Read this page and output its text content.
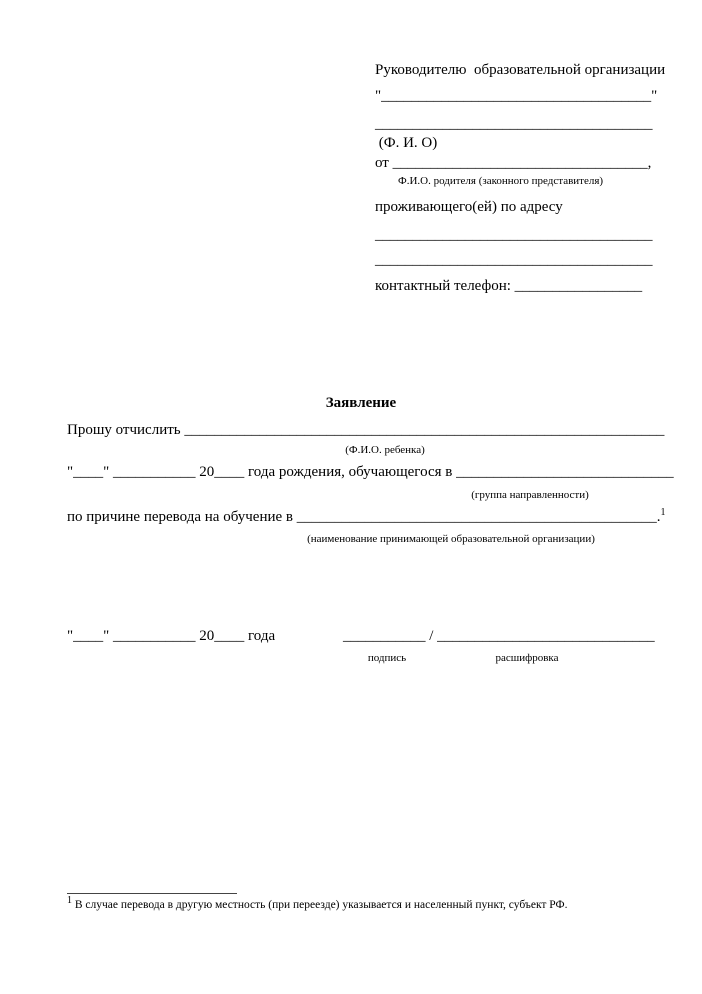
Руководителю  образовательной организации
"____________________________________"
_____________________________________
(Ф. И. О)
от __________________________________,
Ф.И.О. родителя (законного представителя)
проживающего(ей) по адресу
_____________________________________
_____________________________________
контактный телефон: _________________
Заявление
Прошу отчислить ________________________________________________________________
(Ф.И.О. ребенка)
"____" ___________ 20____ года рождения, обучающегося в _____________________________
(группа направленности)
по причине перевода на обучение в ________________________________________________.$^1$
(наименование принимающей образовательной организации)
"____" ___________ 20____ года	___________ / _____________________________
подпись	расшифровка
$^1$ В случае перевода в другую местность (при переезде) указывается и населенный пункт, субъект РФ.
